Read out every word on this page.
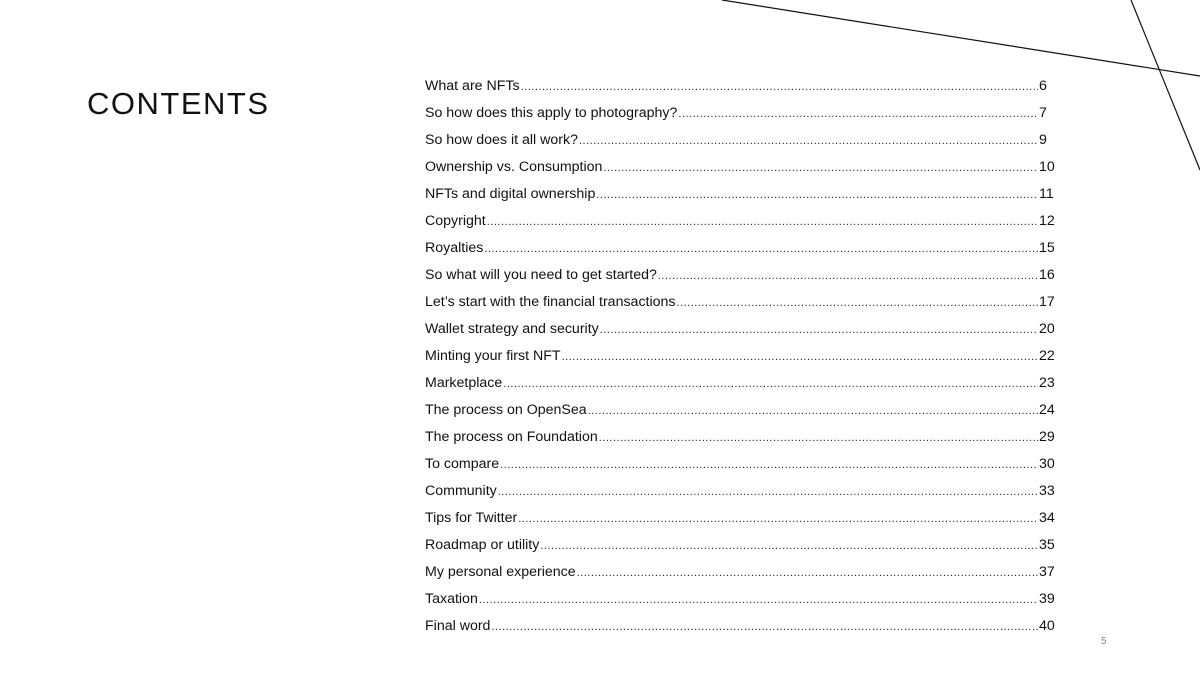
CONTENTS	What are NFTs .....	6
So how does this apply to photography? .....	7
So how does it all work? .....	9
Ownership vs. Consumption .....	10
NFTs and digital ownership .....	11
Copyright .....	12
Royalties .....	15
So what will you need to get started? .....	16
Let’s start with the financial transactions .....	17
Wallet strategy and security .....	20
Minting your first NFT .....	22
Marketplace .....	23
The process on OpenSea .....	24
The process on Foundation .....	29
To compare .....	30
Community .....	33
Tips for Twitter .....	34
Roadmap or utility .....	35
My personal experience .....	37
Taxation .....	39
Final word .....	40
5
